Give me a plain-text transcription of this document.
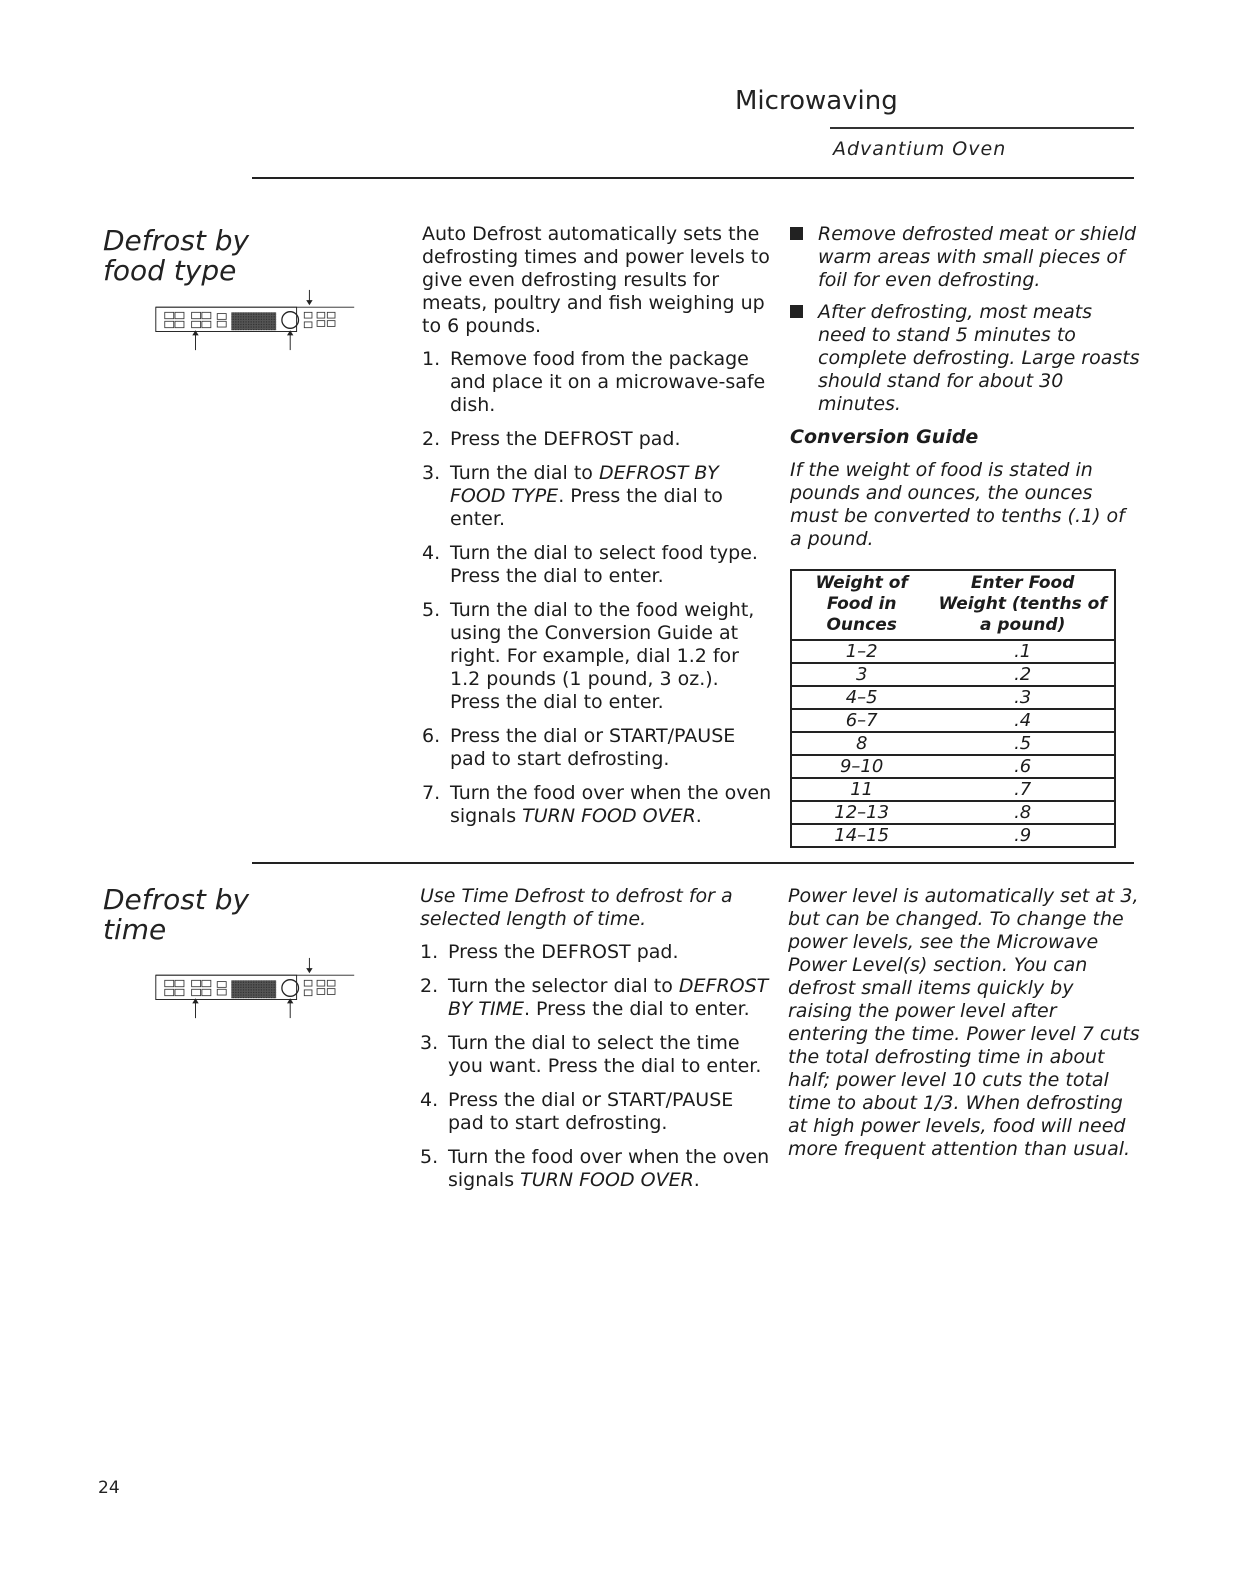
Microwaving
Advantium Oven
Defrost by
food type

Auto Defrost automatically sets the defrosting times and power levels to give even defrosting results for meats, poultry and fish weighing up to 6 pounds.

1. Remove food from the package and place it on a microwave-safe dish.
2. Press the DEFROST pad.
3. Turn the dial to DEFROST BY FOOD TYPE. Press the dial to enter.
4. Turn the dial to select food type. Press the dial to enter.
5. Turn the dial to the food weight, using the Conversion Guide at right. For example, dial 1.2 for 1.2 pounds (1 pound, 3 oz.). Press the dial to enter.
6. Press the dial or START/PAUSE pad to start defrosting.
7. Turn the food over when the oven signals TURN FOOD OVER.
Remove defrosted meat or shield warm areas with small pieces of foil for even defrosting.
After defrosting, most meats need to stand 5 minutes to complete defrosting. Large roasts should stand for about 30 minutes.
Conversion Guide

If the weight of food is stated in pounds and ounces, the ounces must be converted to tenths (.1) of a pound.

Weight of Food in Ounces	Enter Food Weight (tenths of a pound)
1–2	.1
3	.2
4–5	.3
6–7	.4
8	.5
9–10	.6
11	.7
12–13	.8
14–15	.9
Defrost by
time

Use Time Defrost to defrost for a selected length of time.

1. Press the DEFROST pad.
2. Turn the selector dial to DEFROST BY TIME. Press the dial to enter.
3. Turn the dial to select the time you want. Press the dial to enter.
4. Press the dial or START/PAUSE pad to start defrosting.
5. Turn the food over when the oven signals TURN FOOD OVER.
Power level is automatically set at 3, but can be changed. To change the power levels, see the Microwave Power Level(s) section. You can defrost small items quickly by raising the power level after entering the time. Power level 7 cuts the total defrosting time in about half; power level 10 cuts the total time to about 1/3. When defrosting at high power levels, food will need more frequent attention than usual.
24
